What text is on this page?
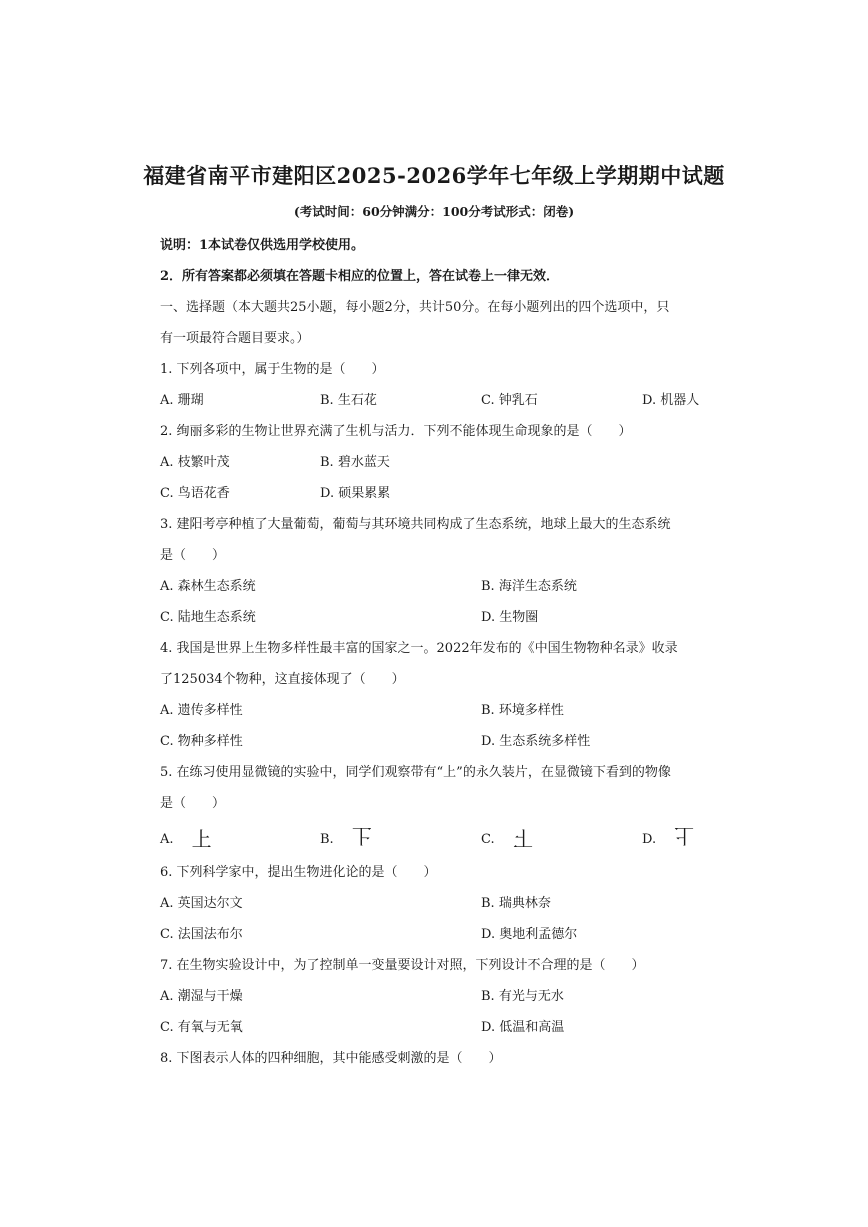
福建省南平市建阳区2025-2026学年七年级上学期期中试题
(考试时间：60分钟满分：100分考试形式：闭卷)
说明：1本试卷仅供选用学校使用。
2．所有答案都必须填在答题卡相应的位置上，答在试卷上一律无效．
一、选择题（本大题共25小题，每小题2分，共计50分。在每小题列出的四个选项中，只
有一项最符合题目要求。）
1. 下列各项中，属于生物的是（　　）
A. 珊瑚	B. 生石花	C. 钟乳石	D. 机器人
2. 绚丽多彩的生物让世界充满了生机与活力．下列不能体现生命现象的是（　　）
A. 枝繁叶茂	B. 碧水蓝天
C. 鸟语花香	D. 硕果累累
3. 建阳考亭种植了大量葡萄，葡萄与其环境共同构成了生态系统，地球上最大的生态系统
是（　　）
A. 森林生态系统	B. 海洋生态系统
C. 陆地生态系统	D. 生物圈
4. 我国是世界上生物多样性最丰富的国家之一。2022年发布的《中国生物物种名录》收录
了125034个物种，这直接体现了（　　）
A. 遗传多样性	B. 环境多样性
C. 物种多样性	D. 生态系统多样性
5. 在练习使用显微镜的实验中，同学们观察带有“上”的永久装片，在显微镜下看到的物像
是（　　）
A. 上	B. 上	C. 上	D. 上
6. 下列科学家中，提出生物进化论的是（　　）
A. 英国达尔文	B. 瑞典林奈
C. 法国法布尔	D. 奥地利孟德尔
7. 在生物实验设计中，为了控制单一变量要设计对照，下列设计不合理的是（　　）
A. 潮湿与干燥	B. 有光与无水
C. 有氧与无氧	D. 低温和高温
8. 下图表示人体的四种细胞，其中能感受刺激的是（　　）
